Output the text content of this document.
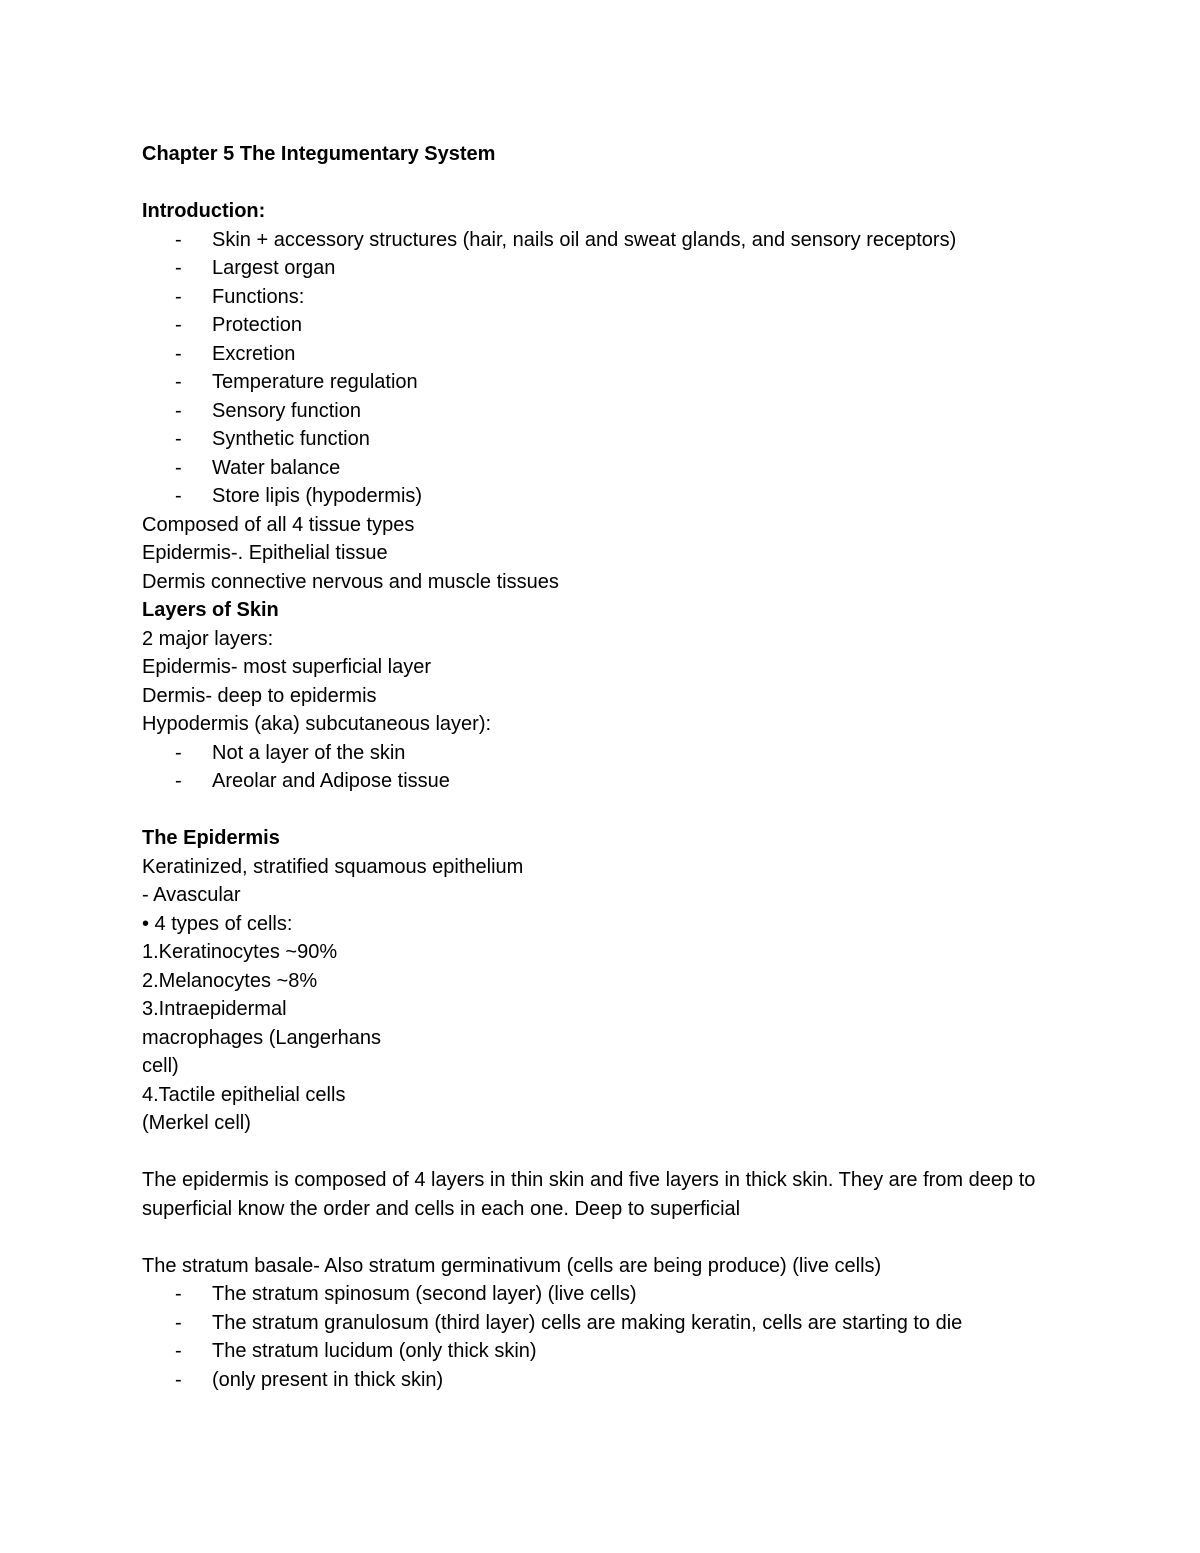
Chapter 5 The Integumentary System
Introduction:
- Skin + accessory structures (hair, nails oil and sweat glands, and sensory receptors)
- Largest organ
- Functions:
- Protection
- Excretion
- Temperature regulation
- Sensory function
- Synthetic function
- Water balance
- Store lipis (hypodermis)
Composed of all 4 tissue types
Epidermis-. Epithelial tissue
Dermis connective nervous and muscle tissues
Layers of Skin
2 major layers:
Epidermis- most superficial layer
Dermis- deep to epidermis
Hypodermis (aka) subcutaneous layer):
- Not a layer of the skin
- Areolar and Adipose tissue
The Epidermis
Keratinized, stratified squamous epithelium
- Avascular
• 4 types of cells:
1.Keratinocytes ~90%
2.Melanocytes ~8%
3.Intraepidermal
macrophages (Langerhans
cell)
4.Tactile epithelial cells
(Merkel cell)
The epidermis is composed of 4 layers in thin skin and five layers in thick skin. They are from deep to superficial know the order and cells in each one. Deep to superficial
The stratum basale- Also stratum germinativum (cells are being produce) (live cells)
- The stratum spinosum (second layer) (live cells)
- The stratum granulosum (third layer) cells are making keratin, cells are starting to die
- The stratum lucidum (only thick skin)
- (only present in thick skin)
